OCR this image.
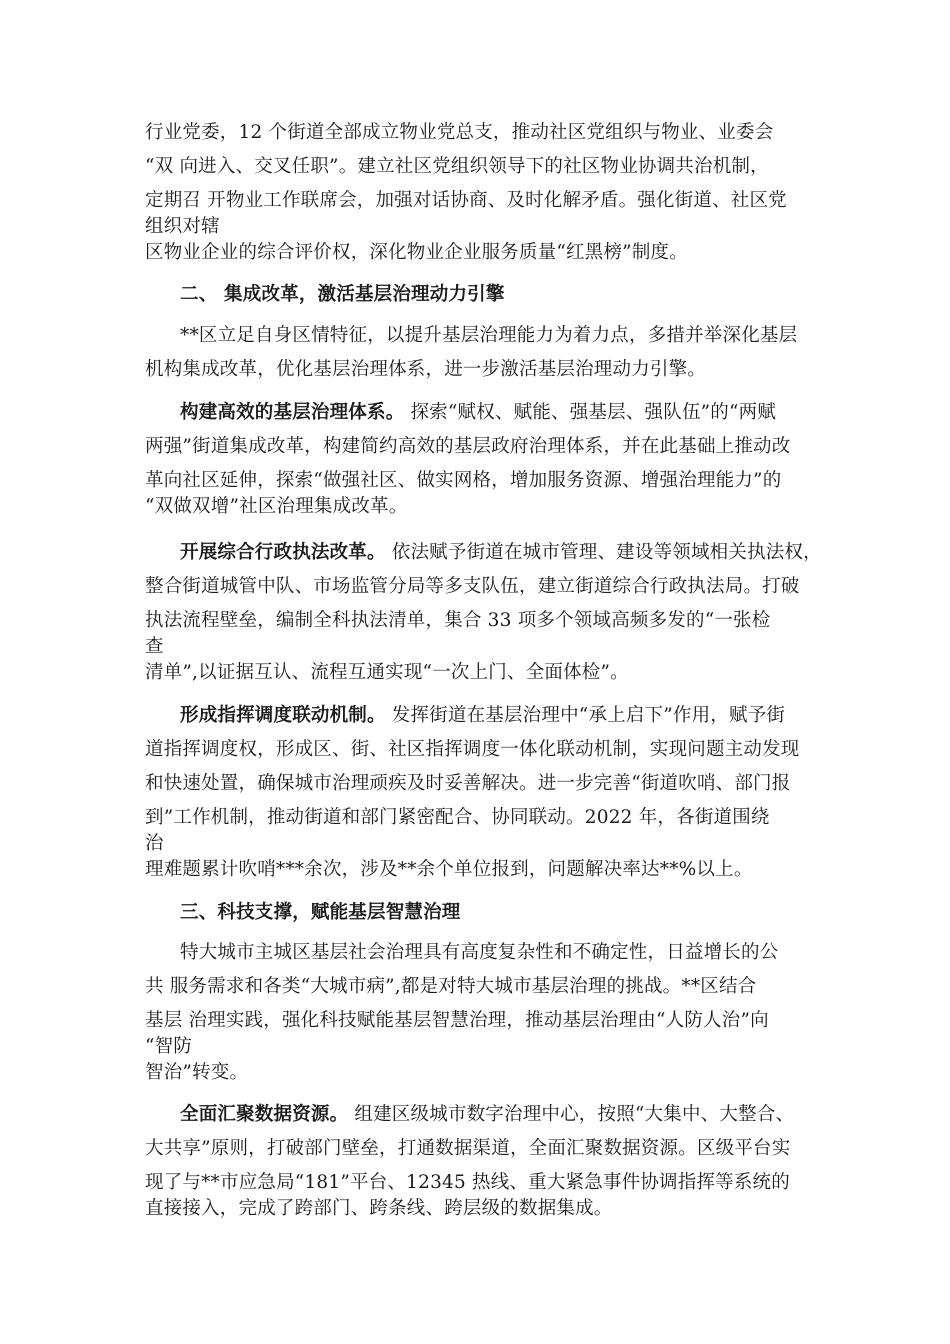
行业党委，12 个街道全部成立物业党总支，推动社区党组织与物业、业委会
“双 向进入、交叉任职”。建立社区党组织领导下的社区物业协调共治机制，
定期召 开物业工作联席会，加强对话协商、及时化解矛盾。强化街道、社区党
组织对辖
区物业企业的综合评价权，深化物业企业服务质量“红黑榜”制度。
二、 集成改革，激活基层治理动力引擎
**区立足自身区情特征，以提升基层治理能力为着力点，多措并举深化基层
机构集成改革，优化基层治理体系，进一步激活基层治理动力引擎。
构建高效的基层治理体系。 探索“赋权、赋能、强基层、强队伍”的“两赋
两强”街道集成改革，构建简约高效的基层政府治理体系，并在此基础上推动改
革向社区延伸，探索“做强社区、做实网格，增加服务资源、增强治理能力”的
“双做双增”社区治理集成改革。
开展综合行政执法改革。 依法赋予街道在城市管理、建设等领域相关执法权，
整合街道城管中队、市场监管分局等多支队伍，建立街道综合行政执法局。打破
执法流程壁垒，编制全科执法清单，集合 33 项多个领域高频多发的“一张检
查
清单”,以证据互认、流程互通实现“一次上门、全面体检”。
形成指挥调度联动机制。 发挥街道在基层治理中“承上启下”作用，赋予街
道指挥调度权，形成区、街、社区指挥调度一体化联动机制，实现问题主动发现
和快速处置，确保城市治理顽疾及时妥善解决。进一步完善“街道吹哨、部门报
到”工作机制，推动街道和部门紧密配合、协同联动。2022 年，各街道围绕
治
理难题累计吹哨***余次，涉及**余个单位报到，问题解决率达**%以上。
三、科技支撑，赋能基层智慧治理
特大城市主城区基层社会治理具有高度复杂性和不确定性，日益增长的公
共 服务需求和各类“大城市病”,都是对特大城市基层治理的挑战。**区结合
基层 治理实践，强化科技赋能基层智慧治理，推动基层治理由“人防人治”向
“智防
智治”转变。
全面汇聚数据资源。 组建区级城市数字治理中心，按照“大集中、大整合、
大共享”原则，打破部门壁垒，打通数据渠道，全面汇聚数据资源。区级平台实
现了与**市应急局“181”平台、12345 热线、重大紧急事件协调指挥等系统的
直接接入，完成了跨部门、跨条线、跨层级的数据集成。
